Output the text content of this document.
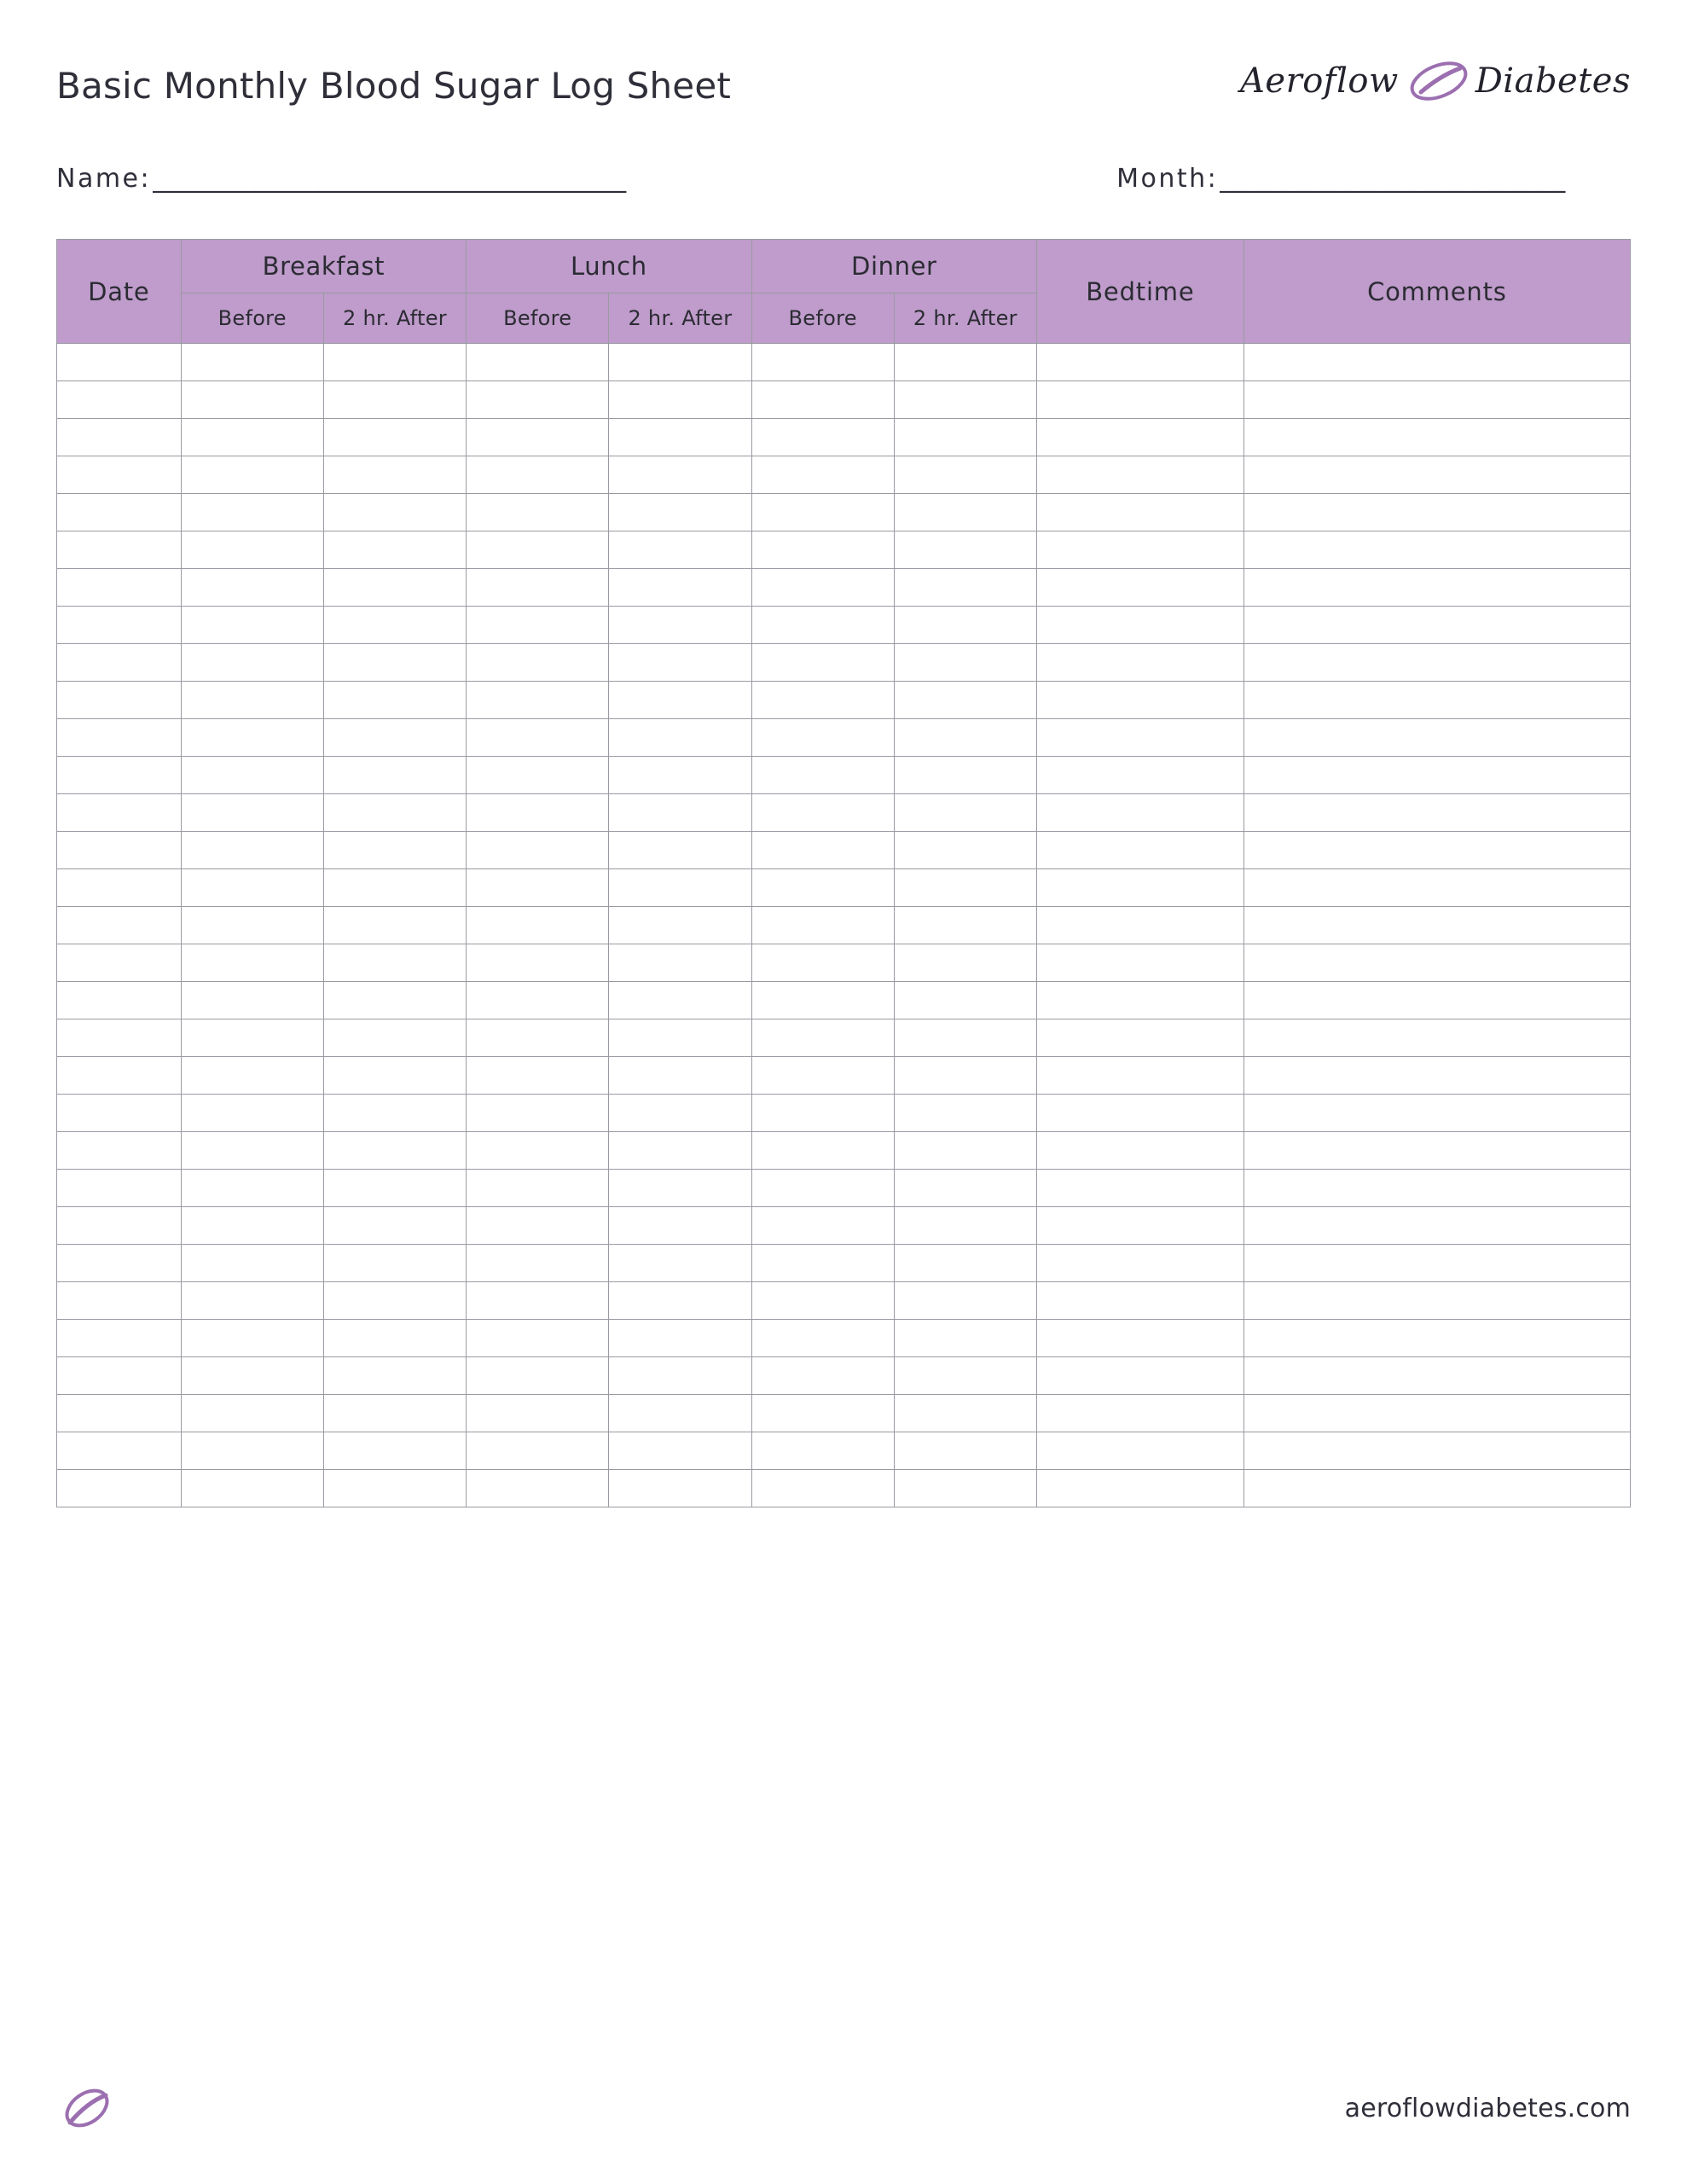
Basic Monthly Blood Sugar Log Sheet	Aeroflow Diabetes
Name: _____________________________________	Month: ___________________________
Date	Breakfast		Lunch		Dinner		Bedtime	Comments
	Before	2 hr. After	Before	2 hr. After	Before	2 hr. After		

aeroflowdiabetes.com
